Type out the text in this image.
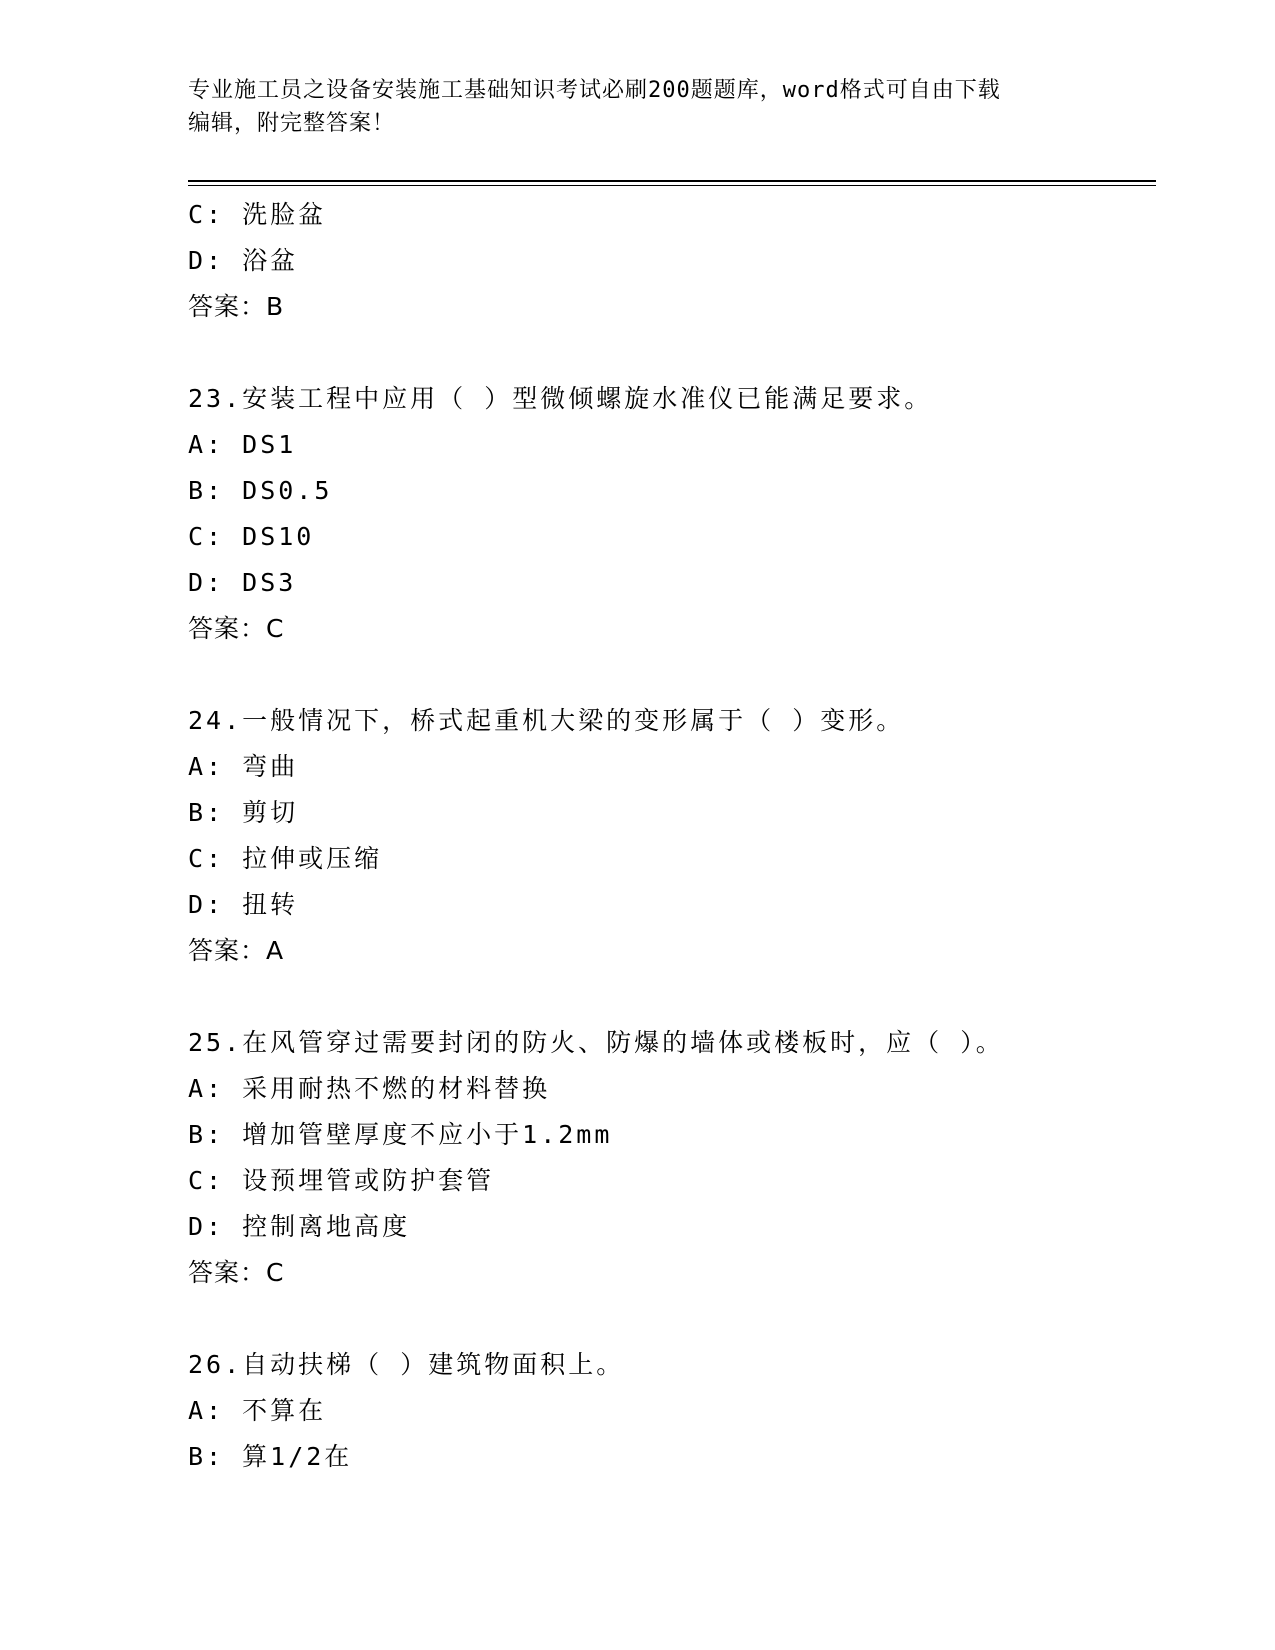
专业施工员之设备安装施工基础知识考试必刷200题题库，word格式可自由下载
编辑，附完整答案！
C: 洗脸盆
D: 浴盆
答案：B
23.安装工程中应用（ ）型微倾螺旋水准仪已能满足要求。
A: DS1
B: DS0.5
C: DS10
D: DS3
答案：C
24.一般情况下，桥式起重机大梁的变形属于（ ）变形。
A: 弯曲
B: 剪切
C: 拉伸或压缩
D: 扭转
答案：A
25.在风管穿过需要封闭的防火、防爆的墙体或楼板时，应（ ）。
A: 采用耐热不燃的材料替换
B: 增加管壁厚度不应小于1.2mm
C: 设预埋管或防护套管
D: 控制离地高度
答案：C
26.自动扶梯（ ）建筑物面积上。
A: 不算在
B: 算1/2在
